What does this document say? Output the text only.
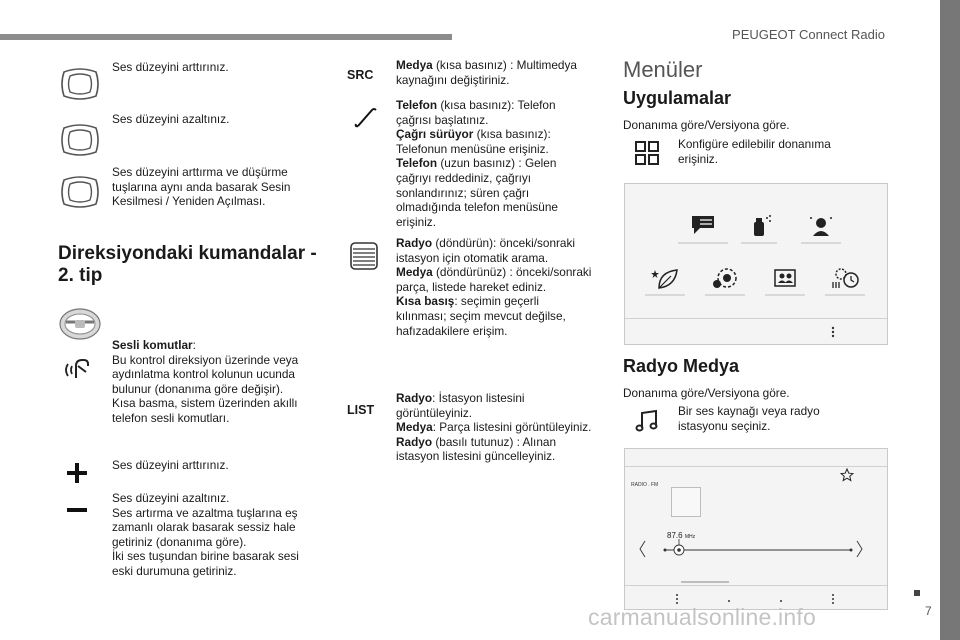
PEUGEOT Connect Radio
Ses düzeyini arttırınız.
Ses düzeyini azaltınız.
Ses düzeyini arttırma ve düşürme
tuşlarına aynı anda basarak Sesin
Kesilmesi / Yeniden Açılması.
Direksiyondaki kumandalar -
2. tip
Sesli komutlar:
Bu kontrol direksiyon üzerinde veya
aydınlatma kontrol kolunun ucunda
bulunur (donanıma göre değişir).
Kısa basma, sistem üzerinden akıllı
telefon sesli komutları.
Ses düzeyini arttırınız.
Ses düzeyini azaltınız.
Ses artırma ve azaltma tuşlarına eş
zamanlı olarak basarak sessiz hale
getiriniz (donanıma göre).
İki ses tuşundan birine basarak sesi
eski durumuna getiriniz.
SRC
Medya (kısa basınız) : Multimedya
kaynağını değiştiriniz.
Telefon (kısa basınız): Telefon
çağrısı başlatınız.
Çağrı sürüyor (kısa basınız):
Telefonun menüsüne erişiniz.
Telefon (uzun basınız) : Gelen
çağrıyı reddediniz, çağrıyı
sonlandırınız; süren çağrı
olmadığında telefon menüsüne
erişiniz.
Radyo (döndürün): önceki/sonraki
istasyon için otomatik arama.
Medya (döndürünüz) : önceki/sonraki
parça, listede hareket ediniz.
Kısa basış: seçimin geçerli
kılınması; seçim mevcut değilse,
hafızadakilere erişim.
LIST
Radyo: İstasyon listesini
görüntüleyiniz.
Medya: Parça listesini görüntüleyiniz.
Radyo (basılı tutunuz) : Alınan
istasyon listesini güncelleyiniz.
Menüler
Uygulamalar
Donanıma göre/Versiyona göre.
Konfigüre edilebilir donanıma
erişiniz.
Radyo Medya
Donanıma göre/Versiyona göre.
Bir ses kaynağı veya radyo
istasyonu seçiniz.
RADIO . FM
87.6 MHz
7
carmanualsonline.info
